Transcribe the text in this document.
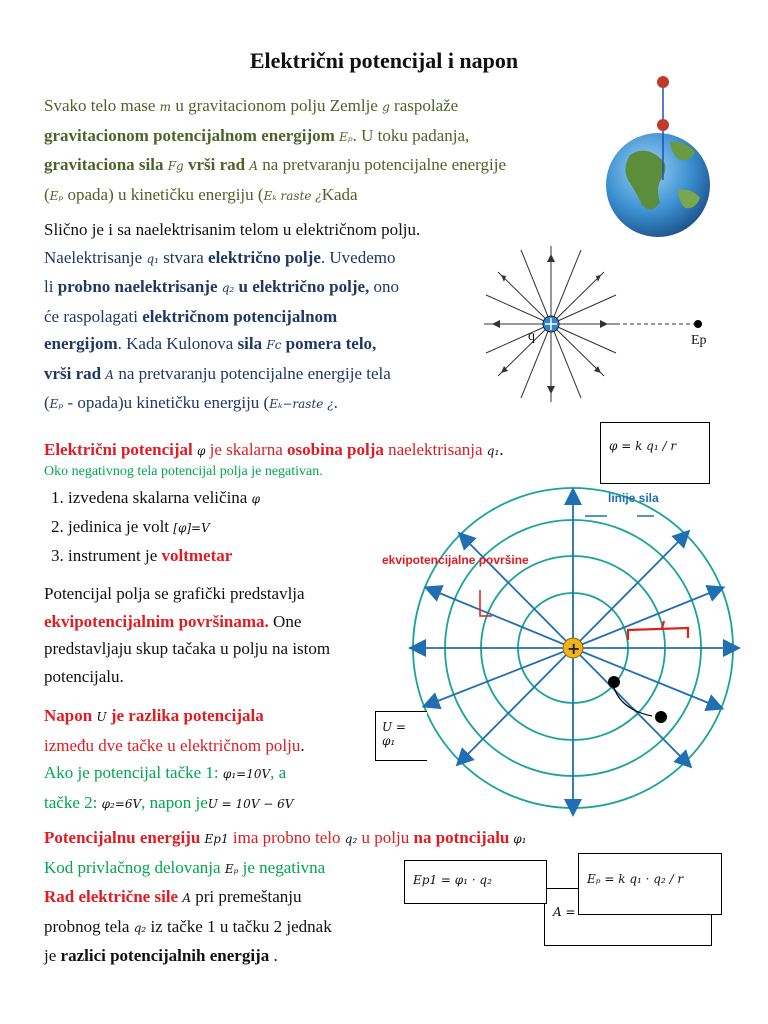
Električni potencijal i napon
Svako telo mase m u gravitacionom polju Zemlje g raspolaže
gravitacionom potencijalnom energijom Eₚ. U toku padanja,
gravitaciona sila Fg vrši rad A na pretvaranju potencijalne energije
(Eₚ opada) u kinetičku energiju (Eₖ raste ¿Kada
Slično je i sa naelektrisanim telom u električnom polju.
Naelektrisanje q₁ stvara električno polje. Uvedemo
li probno naelektrisanje q₂ u električno polje, ono
će raspolagati električnom potencijalnom
energijom. Kada Kulonova sila Fc pomera telo,
vrši rad A na pretvaranju potencijalne energije tela
(Eₚ - opada)u kinetičku energiju (Eₖ−raste ¿.
q	Ep
Električni potencijal φ je skalarna osobina polja naelektrisanja q₁.
Oko negativnog tela potencijal polja je negativan.
φ = k q₁ / r
1. izvedena skalarna veličina φ
2. jedinica je volt [φ]=V
3. instrument je voltmetar
Potencijal polja se grafički predstavlja
ekvipotencijalnim površinama. One
predstavljaju skup tačaka u polju na istom
potencijalu.
+
linije sila
ekvipotencijalne površine
Napon U je razlika potencijala
između dve tačke u električnom polju.
Ako je potencijal tačke 1: φ₁=10V, a
tačke 2: φ₂=6V, napon jeU = 10V − 6V
U = φ₁
Potencijalnu energiju Ep1 ima probno telo q₂ u polju na potncijalu φ₁
Kod privlačnog delovanja Eₚ je negativna
Rad električne sile A pri premeštanju
probnog tela q₂ iz tačke 1 u tačku 2 jednak
je razlici potencijalnih energija .
A =
Ep1 = φ₁ · q₂	Eₚ = k q₁ · q₂ / r
